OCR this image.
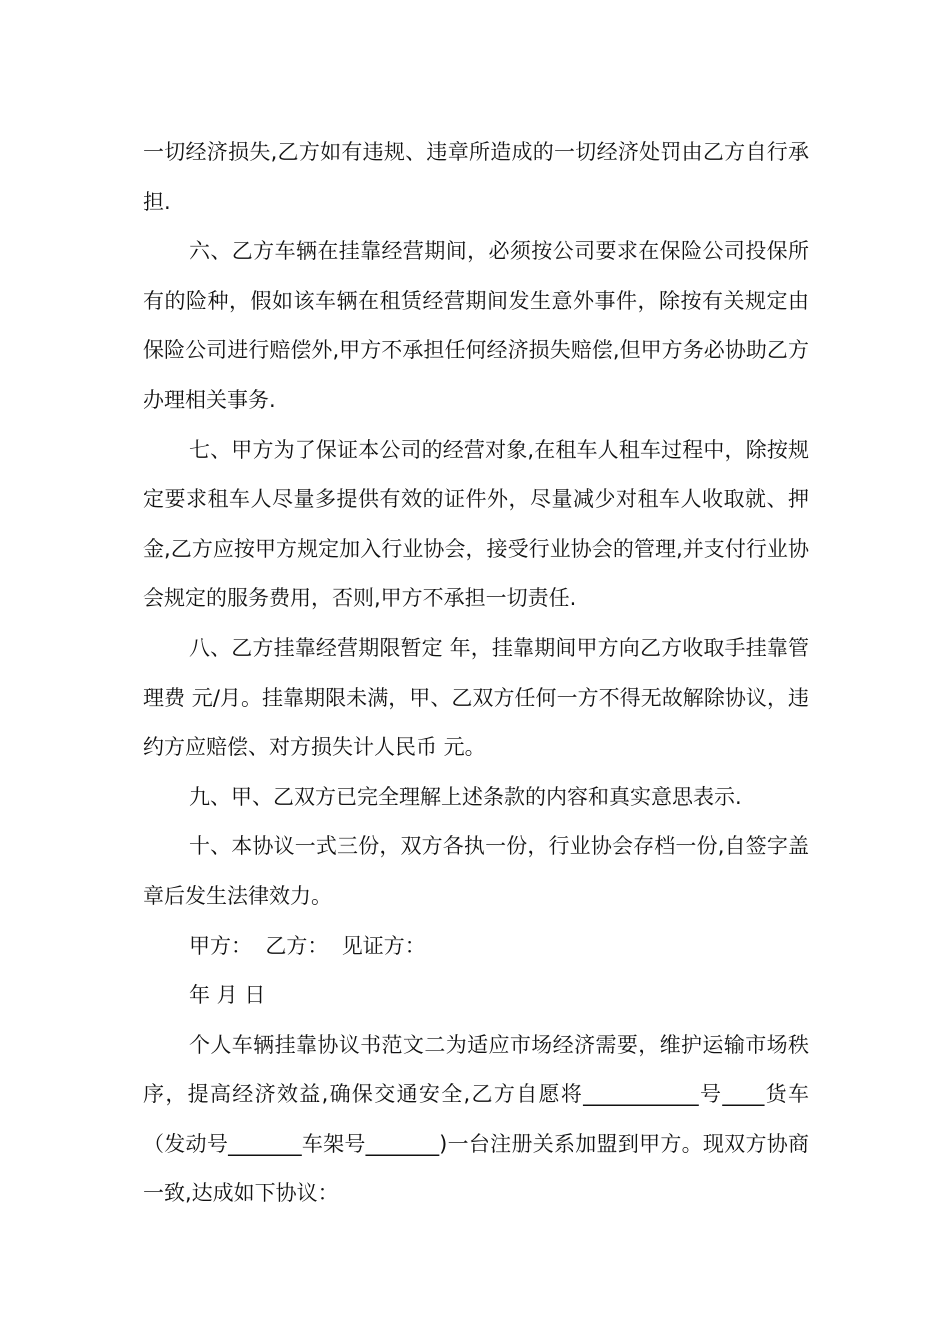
一切经济损失,乙方如有违规、违章所造成的一切经济处罚由乙方自行承担.

六、乙方车辆在挂靠经营期间，必须按公司要求在保险公司投保所有的险种，假如该车辆在租赁经营期间发生意外事件，除按有关规定由保险公司进行赔偿外,甲方不承担任何经济损失赔偿,但甲方务必协助乙方办理相关事务.

七、甲方为了保证本公司的经营对象,在租车人租车过程中，除按规定要求租车人尽量多提供有效的证件外，尽量减少对租车人收取就、押金,乙方应按甲方规定加入行业协会，接受行业协会的管理,并支付行业协会规定的服务费用，否则,甲方不承担一切责任.

八、乙方挂靠经营期限暂定 年，挂靠期间甲方向乙方收取手挂靠管理费 元/月。挂靠期限未满，甲、乙双方任何一方不得无故解除协议，违约方应赔偿、对方损失计人民币 元。

九、甲、乙双方已完全理解上述条款的内容和真实意思表示.

十、本协议一式三份，双方各执一份，行业协会存档一份,自签字盖章后发生法律效力。

甲方：  乙方：  见证方：

年 月 日

个人车辆挂靠协议书范文二为适应市场经济需要，维护运输市场秩序，提高经济效益,确保交通安全,乙方自愿将___________号____货车（发动号_______车架号_______)一台注册关系加盟到甲方。现双方协商一致,达成如下协议：
